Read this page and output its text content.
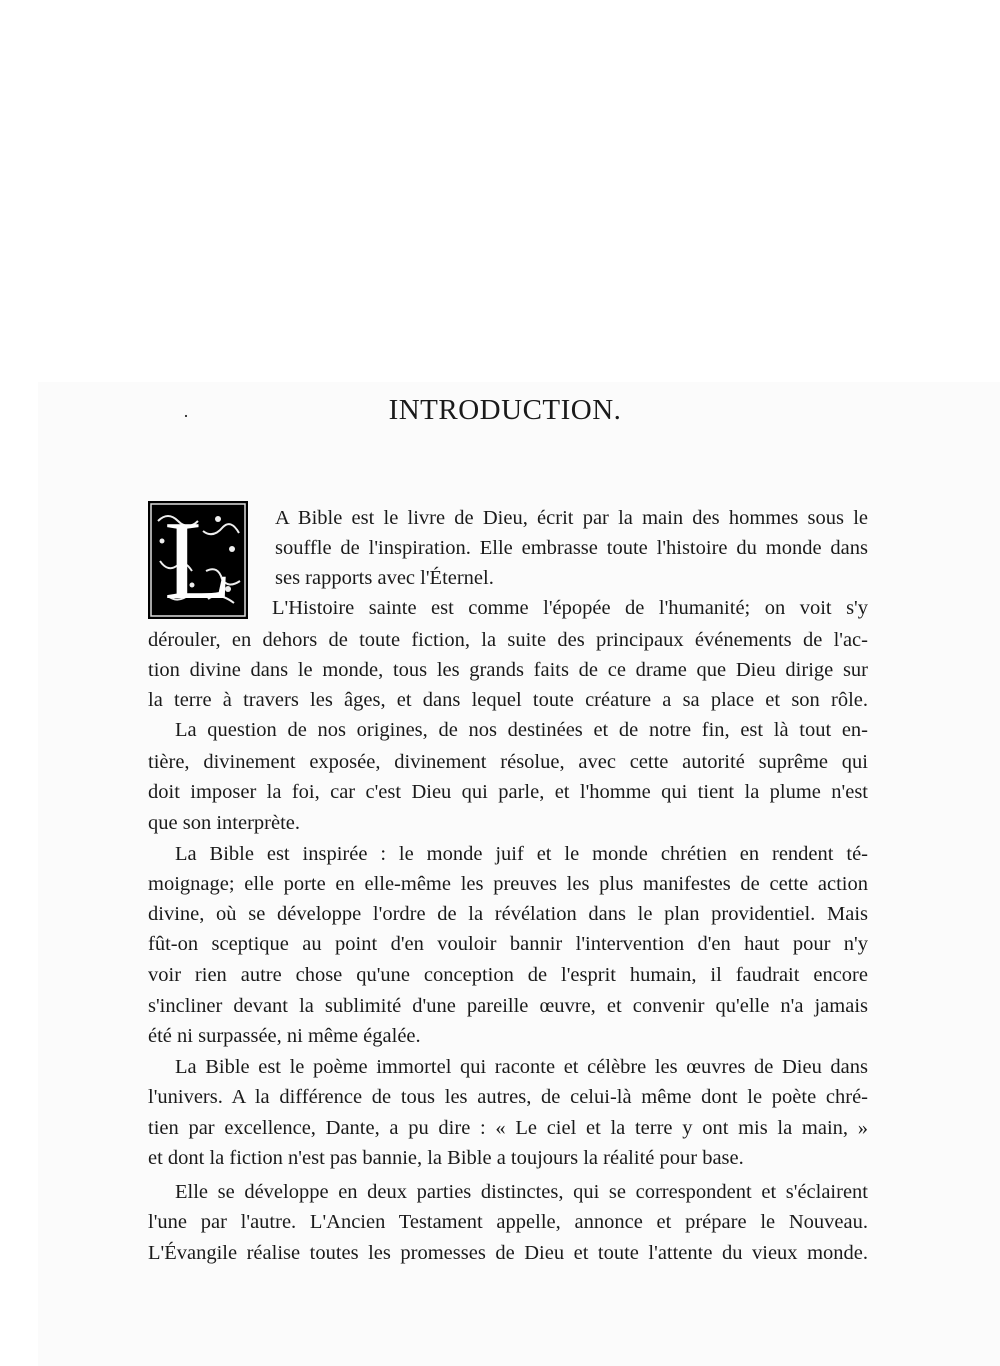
·	INTRODUCTION.
L A Bible est le livre de Dieu, écrit par la main des hommes sous le
souffle de l'inspiration. Elle embrasse toute l'histoire du monde dans
ses rapports avec l'Éternel.
L'Histoire sainte est comme l'épopée de l'humanité; on voit s'y
dérouler, en dehors de toute fiction, la suite des principaux événements de l'ac-
tion divine dans le monde, tous les grands faits de ce drame que Dieu dirige sur
la terre à travers les âges, et dans lequel toute créature a sa place et son rôle.
La question de nos origines, de nos destinées et de notre fin, est là tout en-
tière, divinement exposée, divinement résolue, avec cette autorité suprême qui
doit imposer la foi, car c'est Dieu qui parle, et l'homme qui tient la plume n'est
que son interprète.
La Bible est inspirée : le monde juif et le monde chrétien en rendent té-
moignage; elle porte en elle-même les preuves les plus manifestes de cette action
divine, où se développe l'ordre de la révélation dans le plan providentiel. Mais
fût-on sceptique au point d'en vouloir bannir l'intervention d'en haut pour n'y
voir rien autre chose qu'une conception de l'esprit humain, il faudrait encore
s'incliner devant la sublimité d'une pareille œuvre, et convenir qu'elle n'a jamais
été ni surpassée, ni même égalée.
La Bible est le poème immortel qui raconte et célèbre les œuvres de Dieu dans
l'univers. A la différence de tous les autres, de celui-là même dont le poète chré-
tien par excellence, Dante, a pu dire : « Le ciel et la terre y ont mis la main, »
et dont la fiction n'est pas bannie, la Bible a toujours la réalité pour base.
Elle se développe en deux parties distinctes, qui se correspondent et s'éclairent
l'une par l'autre. L'Ancien Testament appelle, annonce et prépare le Nouveau.
L'Évangile réalise toutes les promesses de Dieu et toute l'attente du vieux monde.
